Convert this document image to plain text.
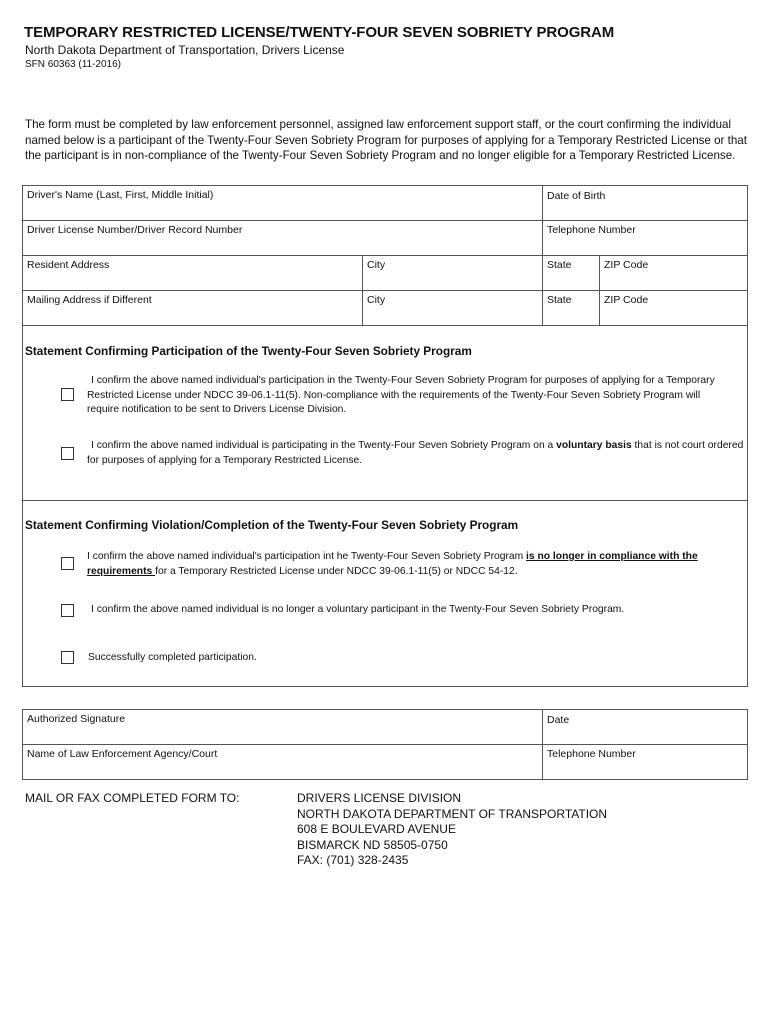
TEMPORARY RESTRICTED LICENSE/TWENTY-FOUR SEVEN SOBRIETY PROGRAM
North Dakota Department of Transportation, Drivers License
SFN 60363 (11-2016)
The form must be completed by law enforcement personnel, assigned law enforcement support staff, or the court confirming the individual named below is a participant of the Twenty-Four Seven Sobriety Program for purposes of applying for a Temporary Restricted License or that the participant is in non-compliance of the Twenty-Four Seven Sobriety Program and no longer eligible for a Temporary Restricted License.
Driver's Name (Last, First, Middle Initial)	Date of Birth
Driver License Number/Driver Record Number	Telephone Number
Resident Address	City	State	ZIP Code
Mailing Address if Different	City	State	ZIP Code
Statement Confirming Participation of the Twenty-Four Seven Sobriety Program
I confirm the above named individual's participation in the Twenty-Four Seven Sobriety Program for purposes of applying for a Temporary Restricted License under NDCC 39-06.1-11(5). Non-compliance with the requirements of the Twenty-Four Seven Sobriety Program will require notification to be sent to Drivers License Division.
I confirm the above named individual is participating in the Twenty-Four Seven Sobriety Program on a voluntary basis that is not court ordered for purposes of applying for a Temporary Restricted License.
Statement Confirming Violation/Completion of the Twenty-Four Seven Sobriety Program
I confirm the above named individual's participation int he Twenty-Four Seven Sobriety Program is no longer in compliance with the requirements for a Temporary Restricted License under NDCC 39-06.1-11(5) or NDCC 54-12.
I confirm the above named individual is no longer a voluntary participant in the Twenty-Four Seven Sobriety Program.
Successfully completed participation.
Authorized Signature	Date
Name of Law Enforcement Agency/Court	Telephone Number
MAIL OR FAX COMPLETED FORM TO:	DRIVERS LICENSE DIVISION
NORTH DAKOTA DEPARTMENT OF TRANSPORTATION
608 E BOULEVARD AVENUE
BISMARCK ND 58505-0750
FAX: (701) 328-2435
